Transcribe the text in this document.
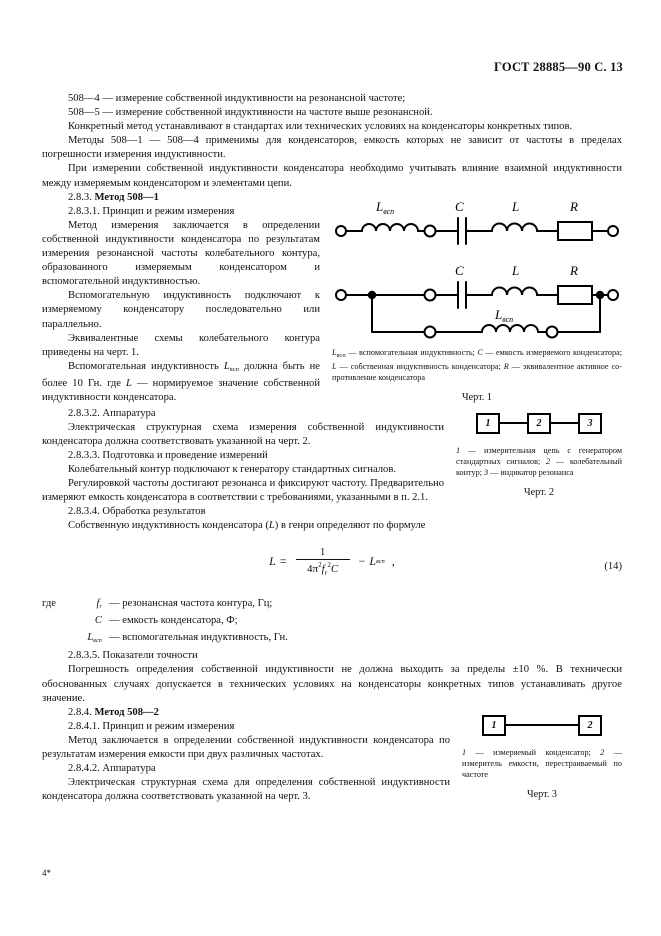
ГОСТ 28885—90 С. 13

508—4 — измерение собственной индуктивности на резонансной частоте;

508—5 — измерение собственной индуктивности на частоте выше резонансной.

Конкретный метод устанавливают в стандартах или технических условиях на конденсаторы конкретных типов.

Методы 508—1 — 508—4 применимы для конденсаторов, емкость которых не зависит от частоты в пределах погрешности измерения индуктивности.

При измерении собственной индуктивности конденсатора необходимо учитывать влияние взаимной индуктивности между измеряемым конденсатором и элементами цепи.

$L_{всп}$	C	L	R
C	L	R
$L_{всп}$
$L_{всп}$ — вспомогательная индуктивность; C — емкость измеряемого конденсатора; L — собственная индуктивность конденсатора; R — эквивалентное активное сопротивление конденсатора
Черт. 1

2.8.3. Метод 508—1

2.8.3.1. Принцип и режим измерения

Метод измерения заключается в определении собственной индуктивности конденсатора по результатам измерения резонансной частоты колебательного контура, образованного измеряемым конденсатором и вспомогательной индуктивностью.

Вспомогательную индуктивность подключают к измеряемому конденсатору последовательно или параллельно.

Эквивалентные схемы колебательного контура приведены на черт. 1.

Вспомогательная индуктивность $L_{всп}$ должна быть не более 10 Гн. где L — нормируемое значение собственной индуктивности конденсатора.

1	2	3
1 — измерительная цепь с генератором стандартных сигналов; 2 — колебательный контур; 3 — индикатор резонанса
Черт. 2

2.8.3.2. Аппаратура

Электрическая структурная схема измерения собственной индуктивности конденсатора должна соответствовать указанной на черт. 2.

2.8.3.3. Подготовка и проведение измерений

Колебательный контур подключают к генератору стандартных сигналов.

Регулировкой частоты достигают резонанса и фиксируют частоту. Предварительно измеряют емкость конденсатора в соответствии с требованиями, указанными в п. 2.1.

2.8.3.4. Обработка результатов

Собственную индуктивность конденсатора (L) в генри определяют по формуле

$L = \frac{1}{4\pi^2f_r^2C} - L$ всп ,	(14)
где	$f_r$ — резонансная частота контура, Гц;
C — емкость конденсатора, Ф;
$L_{всп}$ — вспомогательная индуктивность, Гн.

2.8.3.5. Показатели точности

Погрешность определения собственной индуктивности не должна выходить за пределы ±10 %. В технически обоснованных случаях допускается в технических условиях на конденсаторы конкретных типов устанавливать другое значение.

1	2
1 — измеряемый конденсатор; 2 — измеритель емкости, перестраиваемый по частоте
Черт. 3

2.8.4. Метод 508—2

2.8.4.1. Принцип и режим измерения

Метод заключается в определении собственной индуктивности конденсатора по результатам измерения емкости при двух различных частотах.

2.8.4.2. Аппаратура

Электрическая структурная схема для определения собственной индуктивности конденсатора должна соответствовать указанной на черт. 3.

4*
